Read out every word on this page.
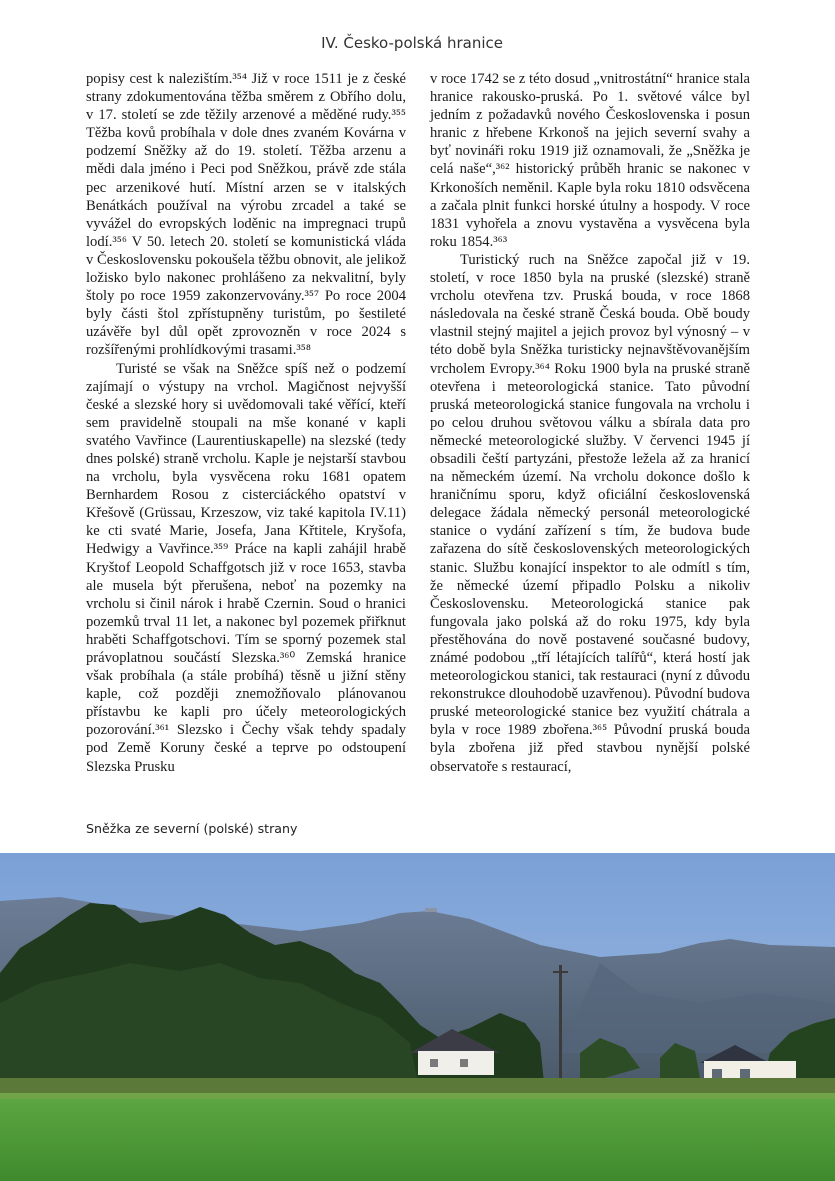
IV. Česko-polská hranice

popisy cest k nalezištím.³⁵⁴ Již v roce 1511 je z české strany zdokumentována těžba směrem z Obřího dolu, v 17. století se zde těžily arzenové a měděné rudy.³⁵⁵ Těžba kovů probíhala v dole dnes zvaném Kovárna v podzemí Sněžky až do 19. století. Těžba arzenu a mědi dala jméno i Peci pod Sněžkou, právě zde stála pec arzenikové hutí. Místní arzen se v italských Benátkách používal na výrobu zrcadel a také se vyvážel do evropských loděnic na impregnaci trupů lodí.³⁵⁶ V 50. letech 20. století se komunistická vláda v Československu pokoušela těžbu obnovit, ale jelikož ložisko bylo nakonec prohlášeno za nekvalitní, byly štoly po roce 1959 zakonzervovány.³⁵⁷ Po roce 2004 byly části štol zpřístupněny turistům, po šestileté uzávěře byl důl opět zprovozněn v roce 2024 s rozšířenými prohlídkovými trasami.³⁵⁸

Turisté se však na Sněžce spíš než o podzemí zajímají o výstupy na vrchol. Magičnost nejvyšší české a slezské hory si uvědomovali také věřící, kteří sem pravidelně stoupali na mše konané v kapli svatého Vavřince (Laurentiuskapelle) na slezské (tedy dnes polské) straně vrcholu. Kaple je nejstarší stavbou na vrcholu, byla vysvěcena roku 1681 opatem Bernhardem Rosou z cisterciáckého opatství v Křešově (Grüssau, Krzeszow, viz také kapitola IV.11) ke cti svaté Marie, Josefa, Jana Křtitele, Kryšofa, Hedwigy a Vavřince.³⁵⁹ Práce na kapli zahájil hrabě Kryštof Leopold Schaffgotsch již v roce 1653, stavba ale musela být přerušena, neboť na pozemky na vrcholu si činil nárok i hrabě Czernin. Soud o hranici pozemků trval 11 let, a nakonec byl pozemek přiřknut hraběti Schaffgotschovi. Tím se sporný pozemek stal právoplatnou součástí Slezska.³⁶⁰ Zemská hranice však probíhala (a stále probíhá) těsně u jižní stěny kaple, což později znemožňovalo plánovanou přístavbu ke kapli pro účely meteorologických pozorování.³⁶¹ Slezsko i Čechy však tehdy spadaly pod Země Koruny české a teprve po odstoupení Slezska Prusku

v roce 1742 se z této dosud „vnitrostátní“ hranice stala hranice rakousko-pruská. Po 1. světové válce byl jedním z požadavků nového Československa i posun hranic z hřebene Krkonoš na jejich severní svahy a byť novináři roku 1919 již oznamovali, že „Sněžka je celá naše“,³⁶² historický průběh hranic se nakonec v Krkonoších neměnil. Kaple byla roku 1810 odsvěcena a začala plnit funkci horské útulny a hospody. V roce 1831 vyhořela a znovu vystavěna a vysvěcena byla roku 1854.³⁶³

Turistický ruch na Sněžce započal již v 19. století, v roce 1850 byla na pruské (slezské) straně vrcholu otevřena tzv. Pruská bouda, v roce 1868 následovala na české straně Česká bouda. Obě boudy vlastnil stejný majitel a jejich provoz byl výnosný – v této době byla Sněžka turisticky nejnavštěvovanějším vrcholem Evropy.³⁶⁴ Roku 1900 byla na pruské straně otevřena i meteorologická stanice. Tato původní pruská meteorologická stanice fungovala na vrcholu i po celou druhou světovou válku a sbírala data pro německé meteorologické služby. V červenci 1945 jí obsadili čeští partyzáni, přestože ležela až za hranicí na německém území. Na vrcholu dokonce došlo k hraničnímu sporu, když oficiální československá delegace žádala německý personál meteorologické stanice o vydání zařízení s tím, že budova bude zařazena do sítě československých meteorologických stanic. Službu konající inspektor to ale odmítl s tím, že německé území připadlo Polsku a nikoliv Československu. Meteorologická stanice pak fungovala jako polská až do roku 1975, kdy byla přestěhována do nově postavené současné budovy, známé podobou „tří létajících talířů“, která hostí jak meteorologickou stanici, tak restauraci (nyní z důvodu rekonstrukce dlouhodobě uzavřenou). Původní budova pruské meteorologické stanice bez využití chátrala a byla v roce 1989 zbořena.³⁶⁵ Původní pruská bouda byla zbořena již před stavbou nynější polské observatoře s restaurací,

Sněžka ze severní (polské) strany
